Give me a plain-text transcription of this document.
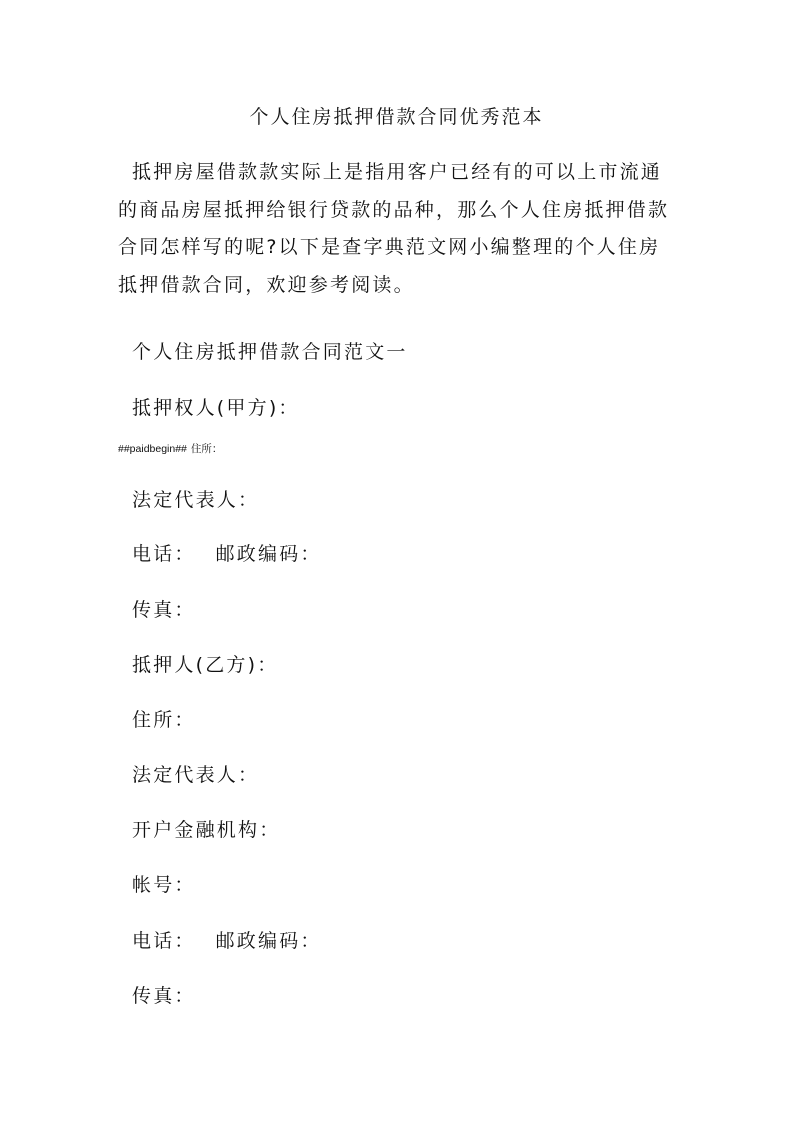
个人住房抵押借款合同优秀范本

抵押房屋借款款实际上是指用客户已经有的可以上市流通的商品房屋抵押给银行贷款的品种，那么个人住房抵押借款合同怎样写的呢?以下是查字典范文网小编整理的个人住房抵押借款合同，欢迎参考阅读。

个人住房抵押借款合同范文一
抵押权人(甲方)：
##paidbegin## 住所：
法定代表人：
电话： 邮政编码：
传真：
抵押人(乙方)：
住所：
法定代表人：
开户金融机构：
帐号：
电话： 邮政编码：
传真：
